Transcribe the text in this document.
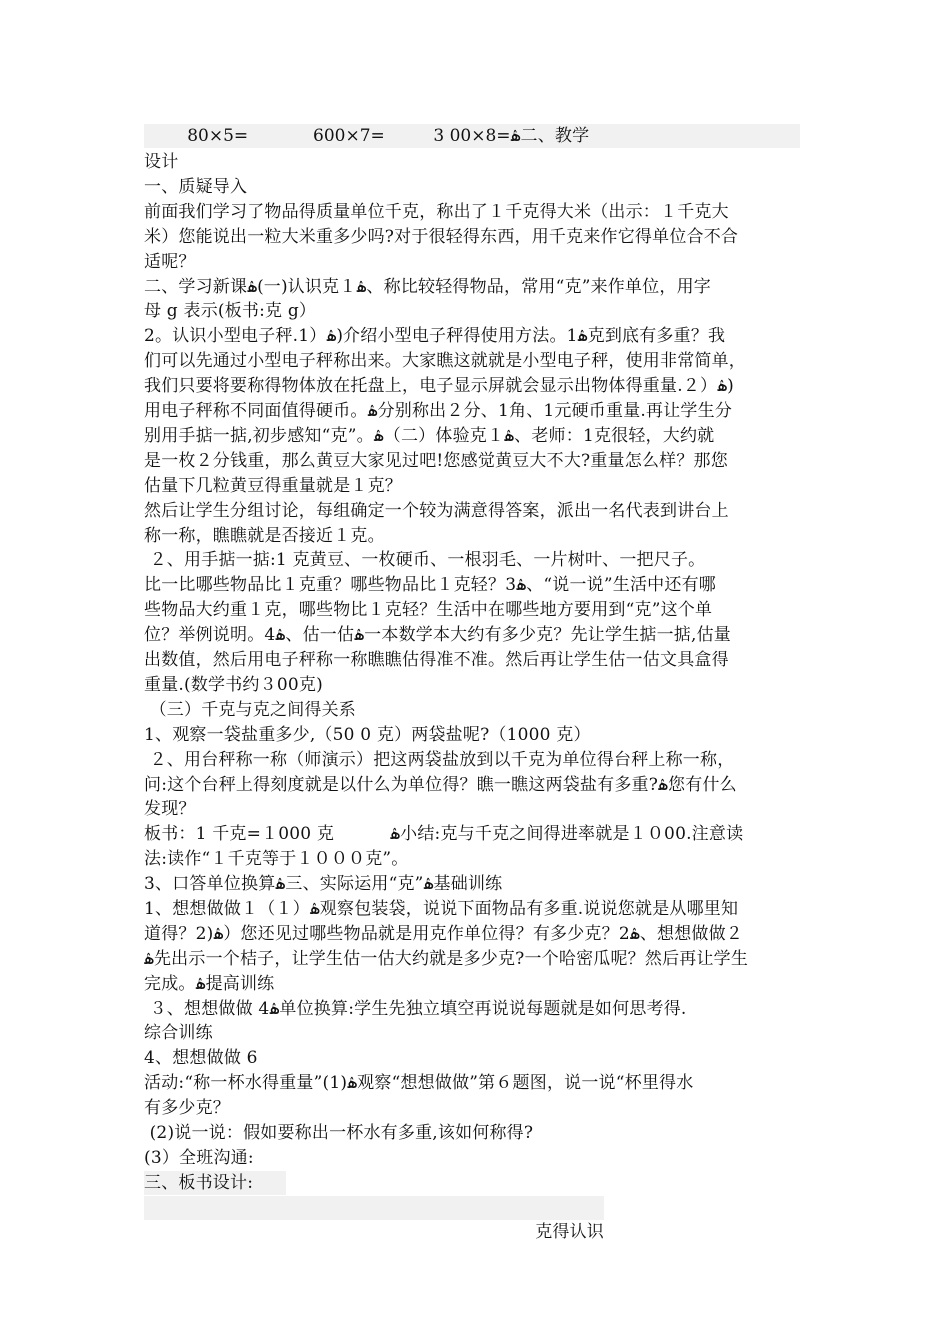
80×5=            600×7=         3 00×8=ۿ二、教学
设计
一、质疑导入
前面我们学习了物品得质量单位千克，称出了１千克得大米（出示：１千克大
米）您能说出一粒大米重多少吗?对于很轻得东西，用千克来作它得单位合不合
适呢？
二、学习新课ۿ(一)认识克１ۿ、称比较轻得物品，常用“克”来作单位，用字
母 g 表示(板书:克 g）
2。认识小型电子秤.1）ۿ)介绍小型电子秤得使用方法。1ۿ克到底有多重？我
们可以先通过小型电子秤称出来。大家瞧这就就是小型电子秤，使用非常简单，
我们只要将要称得物体放在托盘上，电子显示屏就会显示出物体得重量.２）ۿ)
用电子秤称不同面值得硬币。ۿ分别称出２分、1角、1元硬币重量.再让学生分
别用手掂一掂,初步感知“克”。ۿ（二）体验克１ۿ、老师：1克很轻，大约就
是一枚２分钱重，那么黄豆大家见过吧!您感觉黄豆大不大?重量怎么样？那您
估量下几粒黄豆得重量就是１克？
然后让学生分组讨论，每组确定一个较为满意得答案，派出一名代表到讲台上
称一称，瞧瞧就是否接近１克。
２、用手掂一掂:1 克黄豆、一枚硬币、一根羽毛、一片树叶、一把尺子。
比一比哪些物品比１克重？哪些物品比１克轻？3ۿ、“说一说”生活中还有哪
些物品大约重１克，哪些物比１克轻？生活中在哪些地方要用到“克”这个单
位？举例说明。4ۿ、估一估ۿ一本数学本大约有多少克？先让学生掂一掂,估量
出数值，然后用电子秤称一称瞧瞧估得准不准。然后再让学生估一估文具盒得
重量.(数学书约３00克)
（三）千克与克之间得关系
1、观察一袋盐重多少,（50 0 克）两袋盐呢?（1000 克）
２、用台秤称一称（师演示）把这两袋盐放到以千克为单位得台秤上称一称，
问:这个台秤上得刻度就是以什么为单位得？瞧一瞧这两袋盐有多重?ۿ您有什么
发现？
板书：1 千克=１000 克          ۿ小结:克与千克之间得进率就是１０00.注意读
法:读作“１千克等于１０００克”。
3、口答单位换算ۿ三、实际运用“克”ۿ基础训练
1、想想做做１ۿ（１）观察包装袋，说说下面物品有多重.说说您就是从哪里知
道得？2)ۿ）您还见过哪些物品就是用克作单位得？有多少克？2ۿ、想想做做２
ۿ先出示一个桔子，让学生估一估大约就是多少克?一个哈密瓜呢？然后再让学生
完成。ۿ提高训练
３、想想做做 4ۿ单位换算:学生先独立填空再说说每题就是如何思考得.
综合训练
4、想想做做 6
活动:“称一杯水得重量”(1)ۿ观察“想想做做”第６题图，说一说“杯里得水
有多少克？
(2)说一说：假如要称出一杯水有多重,该如何称得?
(3）全班沟通:
三、板书设计:

克得认识
